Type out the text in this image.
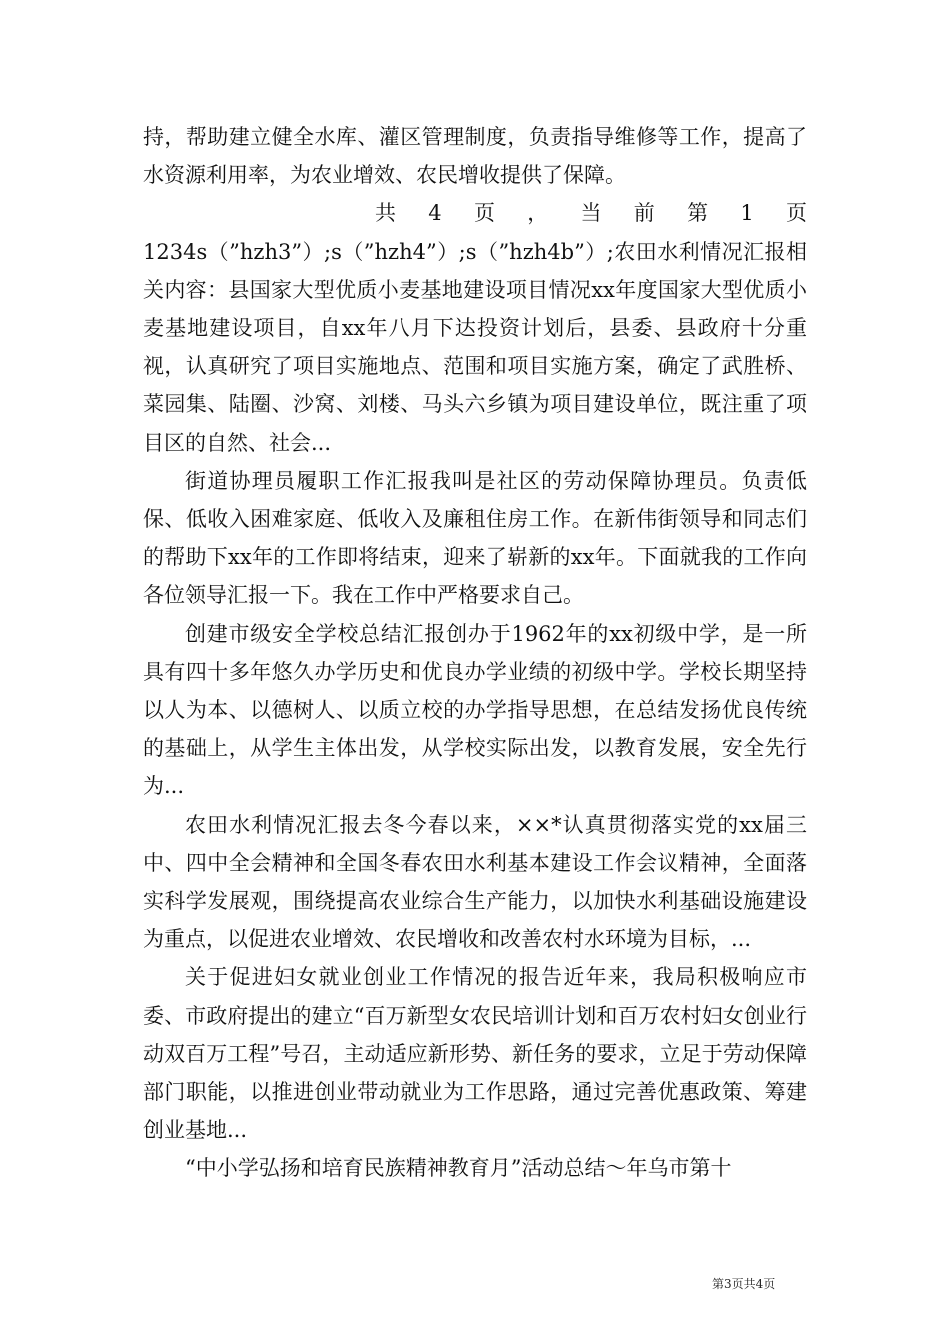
持，帮助建立健全水库、灌区管理制度，负责指导维修等工作，提高了水资源利用率，为农业增效、农民增收提供了保障。

共 4 页 ， 当 前 第 1 页

1234s（”hzh3”）;s（”hzh4”）;s（”hzh4b”）;农田水利情况汇报相关内容：县国家大型优质小麦基地建设项目情况xx年度国家大型优质小麦基地建设项目，自xx年八月下达投资计划后，县委、县政府十分重视，认真研究了项目实施地点、范围和项目实施方案，确定了武胜桥、菜园集、陆圈、沙窝、刘楼、马头六乡镇为项目建设单位，既注重了项目区的自然、社会...

街道协理员履职工作汇报我叫是社区的劳动保障协理员。负责低保、低收入困难家庭、低收入及廉租住房工作。在新伟街领导和同志们的帮助下xx年的工作即将结束，迎来了崭新的xx年。下面就我的工作向各位领导汇报一下。我在工作中严格要求自己。

创建市级安全学校总结汇报创办于1962年的xx初级中学，是一所具有四十多年悠久办学历史和优良办学业绩的初级中学。学校长期坚持以人为本、以德树人、以质立校的办学指导思想，在总结发扬优良传统的基础上，从学生主体出发，从学校实际出发，以教育发展，安全先行为...

农田水利情况汇报去冬今春以来，××*认真贯彻落实党的xx届三中、四中全会精神和全国冬春农田水利基本建设工作会议精神，全面落实科学发展观，围绕提高农业综合生产能力，以加快水利基础设施建设为重点，以促进农业增效、农民增收和改善农村水环境为目标，...

关于促进妇女就业创业工作情况的报告近年来，我局积极响应市委、市政府提出的建立“百万新型女农民培训计划和百万农村妇女创业行动双百万工程”号召，主动适应新形势、新任务的要求，立足于劳动保障部门职能，以推进创业带动就业为工作思路，通过完善优惠政策、筹建创业基地...

“中小学弘扬和培育民族精神教育月”活动总结～年乌市第十

第3页共4页
